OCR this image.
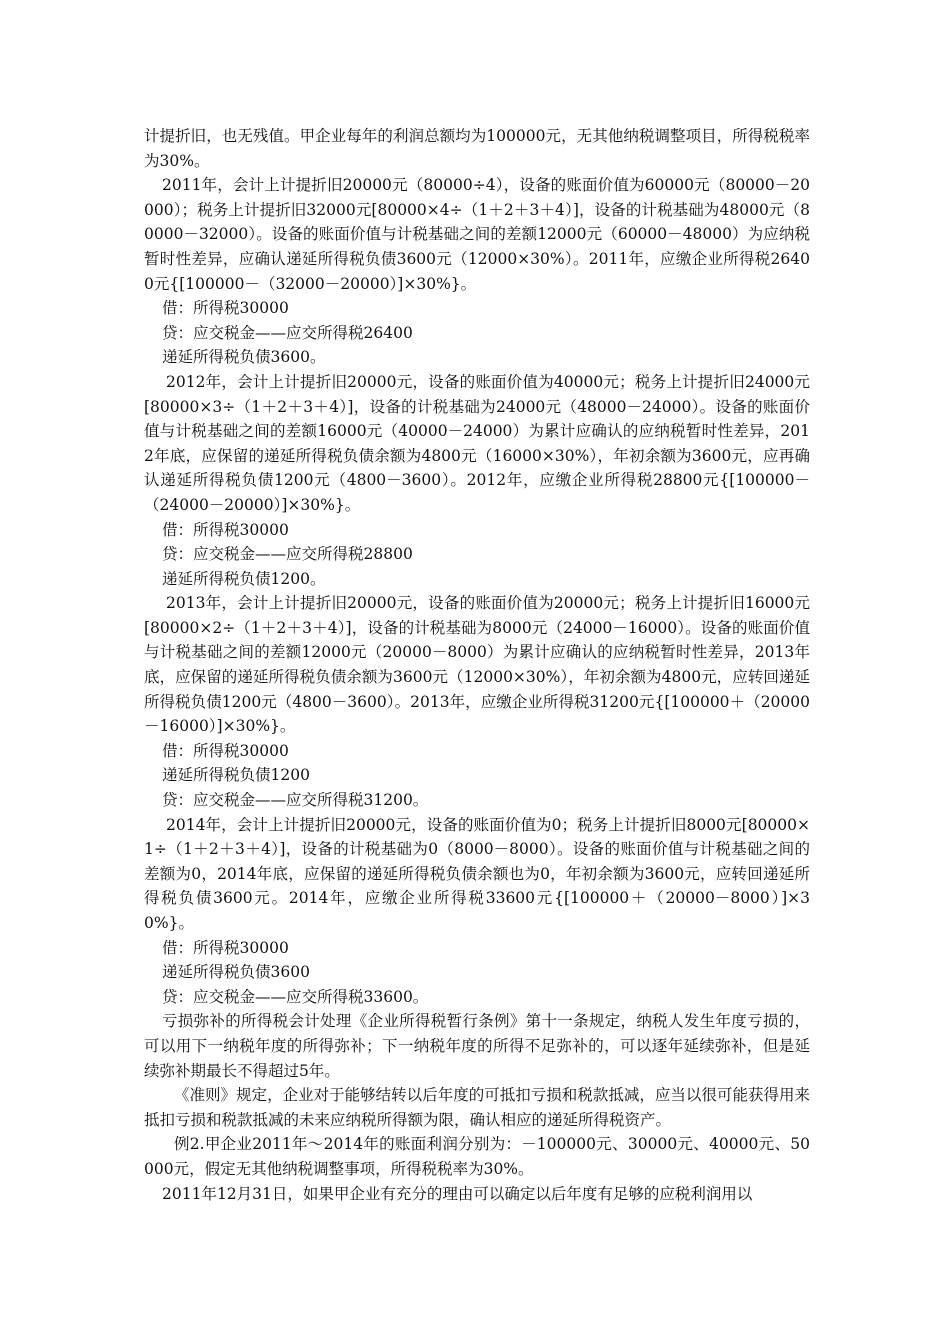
计提折旧，也无残值。甲企业每年的利润总额均为100000元，无其他纳税调整项目，所得税税率为30%。

2011年，会计上计提折旧20000元（80000÷4），设备的账面价值为60000元（80000－20000）；税务上计提折旧32000元[80000×4÷（1＋2＋3＋4）]，设备的计税基础为48000元（80000－32000）。设备的账面价值与计税基础之间的差额12000元（60000－48000）为应纳税暂时性差异，应确认递延所得税负债3600元（12000×30%）。2011年，应缴企业所得税26400元{[100000－（32000－20000）]×30%}。

借：所得税30000

贷：应交税金——应交所得税26400

递延所得税负债3600。

2012年，会计上计提折旧20000元，设备的账面价值为40000元；税务上计提折旧24000元[80000×3÷（1＋2＋3＋4）]，设备的计税基础为24000元（48000－24000）。设备的账面价值与计税基础之间的差额16000元（40000－24000）为累计应确认的应纳税暂时性差异，2012年底，应保留的递延所得税负债余额为4800元（16000×30%），年初余额为3600元，应再确认递延所得税负债1200元（4800－3600）。2012年，应缴企业所得税28800元{[100000－（24000－20000）]×30%}。

借：所得税30000

贷：应交税金——应交所得税28800

递延所得税负债1200。

2013年，会计上计提折旧20000元，设备的账面价值为20000元；税务上计提折旧16000元[80000×2÷（1＋2＋3＋4）]，设备的计税基础为8000元（24000－16000）。设备的账面价值与计税基础之间的差额12000元（20000－8000）为累计应确认的应纳税暂时性差异，2013年底，应保留的递延所得税负债余额为3600元（12000×30%），年初余额为4800元，应转回递延所得税负债1200元（4800－3600）。2013年，应缴企业所得税31200元{[100000＋（20000－16000）]×30%}。

借：所得税30000

递延所得税负债1200

贷：应交税金——应交所得税31200。

2014年，会计上计提折旧20000元，设备的账面价值为0；税务上计提折旧8000元[80000×1÷（1＋2＋3＋4）]，设备的计税基础为0（8000－8000）。设备的账面价值与计税基础之间的差额为0，2014年底，应保留的递延所得税负债余额也为0，年初余额为3600元，应转回递延所得税负债3600元。2014年，应缴企业所得税33600元{[100000＋（20000－8000）]×30%}。

借：所得税30000

递延所得税负债3600

贷：应交税金——应交所得税33600。

亏损弥补的所得税会计处理《企业所得税暂行条例》第十一条规定，纳税人发生年度亏损的，可以用下一纳税年度的所得弥补；下一纳税年度的所得不足弥补的，可以逐年延续弥补，但是延续弥补期最长不得超过5年。

《准则》规定，企业对于能够结转以后年度的可抵扣亏损和税款抵减，应当以很可能获得用来抵扣亏损和税款抵减的未来应纳税所得额为限，确认相应的递延所得税资产。

例2.甲企业2011年～2014年的账面利润分别为：－100000元、30000元、40000元、50000元，假定无其他纳税调整事项，所得税税率为30%。

2011年12月31日，如果甲企业有充分的理由可以确定以后年度有足够的应税利润用以
